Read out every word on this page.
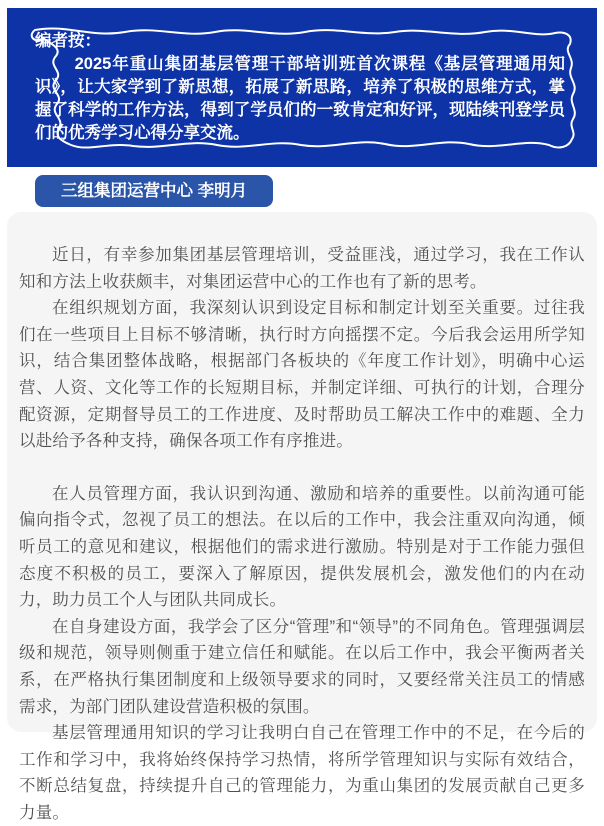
编者按：

2025年重山集团基层管理干部培训班首次课程《基层管理通用知识》，让大家学到了新思想，拓展了新思路，培养了积极的思维方式，掌握了科学的工作方法，得到了学员们的一致肯定和好评，现陆续刊登学员们的优秀学习心得分享交流。

三组集团运营中心 李明月

近日，有幸参加集团基层管理培训，受益匪浅，通过学习，我在工作认知和方法上收获颇丰，对集团运营中心的工作也有了新的思考。

在组织规划方面，我深刻认识到设定目标和制定计划至关重要。过往我们在一些项目上目标不够清晰，执行时方向摇摆不定。今后我会运用所学知识，结合集团整体战略，根据部门各板块的《年度工作计划》，明确中心运营、人资、文化等工作的长短期目标，并制定详细、可执行的计划，合理分配资源，定期督导员工的工作进度、及时帮助员工解决工作中的难题、全力以赴给予各种支持，确保各项工作有序推进。

在人员管理方面，我认识到沟通、激励和培养的重要性。以前沟通可能偏向指令式，忽视了员工的想法。在以后的工作中，我会注重双向沟通，倾听员工的意见和建议，根据他们的需求进行激励。特别是对于工作能力强但态度不积极的员工，要深入了解原因，提供发展机会，激发他们的内在动力，助力员工个人与团队共同成长。

在自身建设方面，我学会了区分“管理”和“领导”的不同角色。管理强调层级和规范，领导则侧重于建立信任和赋能。在以后工作中，我会平衡两者关系，在严格执行集团制度和上级领导要求的同时，又要经常关注员工的情感需求，为部门团队建设营造积极的氛围。

基层管理通用知识的学习让我明白自己在管理工作中的不足，在今后的工作和学习中，我将始终保持学习热情，将所学管理知识与实际有效结合，不断总结复盘，持续提升自己的管理能力，为重山集团的发展贡献自己更多力量。
